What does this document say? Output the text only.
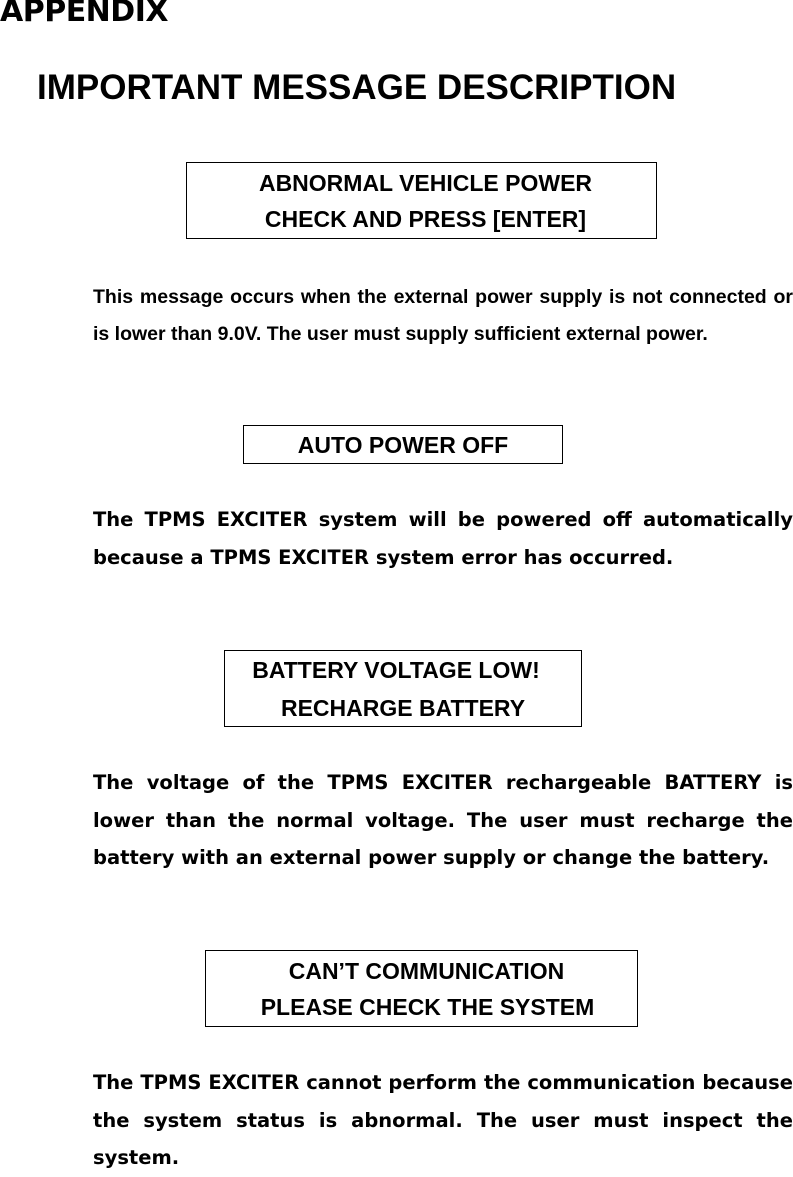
APPENDIX
IMPORTANT MESSAGE DESCRIPTION
ABNORMAL VEHICLE POWER
CHECK AND PRESS [ENTER]

This message occurs when the external power supply is not connected or is lower than 9.0V. The user must supply sufficient external power.

AUTO POWER OFF

The TPMS EXCITER system will be powered off automatically because a TPMS EXCITER system error has occurred.

BATTERY VOLTAGE LOW!
RECHARGE BATTERY

The voltage of the TPMS EXCITER rechargeable BATTERY is lower than the normal voltage. The user must recharge the battery with an external power supply or change the battery.

CAN’T COMMUNICATION
PLEASE CHECK THE SYSTEM

The TPMS EXCITER cannot perform the communication because the system status is abnormal. The user must inspect the system.
